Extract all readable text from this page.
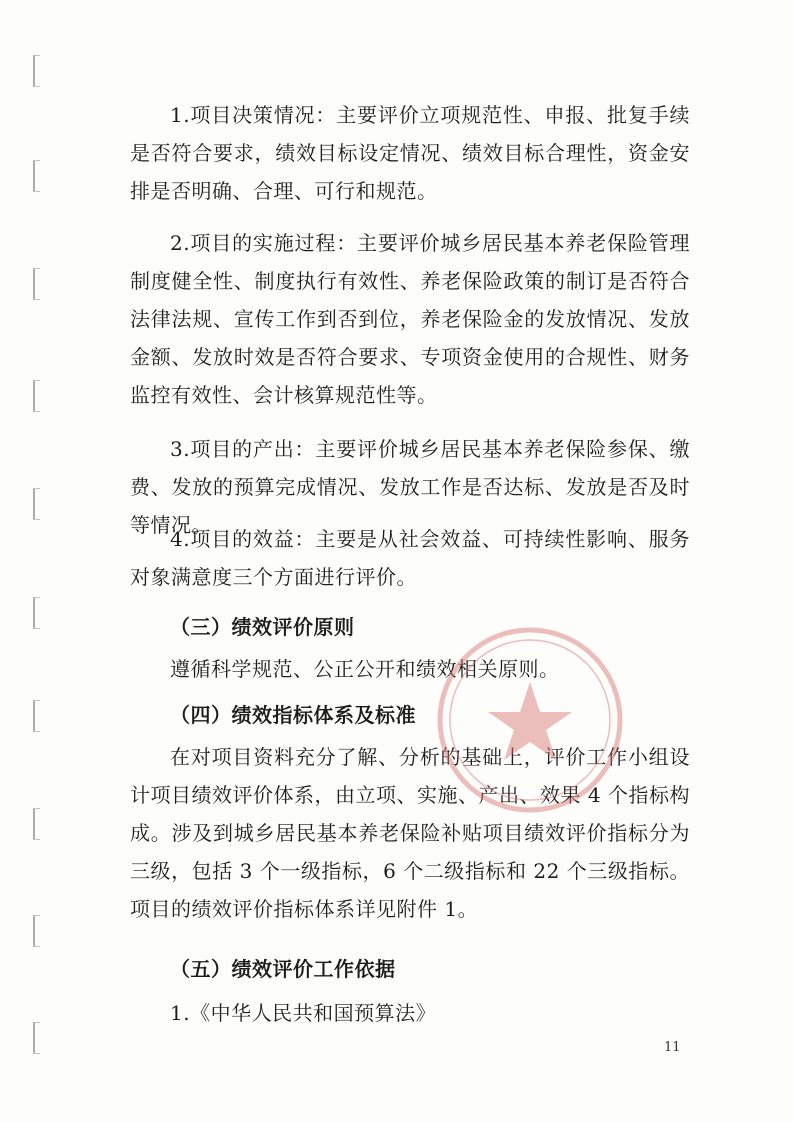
1.项目决策情况：主要评价立项规范性、申报、批复手续是否符合要求，绩效目标设定情况、绩效目标合理性，资金安排是否明确、合理、可行和规范。

2.项目的实施过程：主要评价城乡居民基本养老保险管理制度健全性、制度执行有效性、养老保险政策的制订是否符合法律法规、宣传工作到否到位，养老保险金的发放情况、发放金额、发放时效是否符合要求、专项资金使用的合规性、财务监控有效性、会计核算规范性等。

3.项目的产出：主要评价城乡居民基本养老保险参保、缴费、发放的预算完成情况、发放工作是否达标、发放是否及时等情况。

4.项目的效益：主要是从社会效益、可持续性影响、服务对象满意度三个方面进行评价。

（三）绩效评价原则

遵循科学规范、公正公开和绩效相关原则。

（四）绩效指标体系及标准

在对项目资料充分了解、分析的基础上，评价工作小组设计项目绩效评价体系，由立项、实施、产出、效果 4 个指标构成。涉及到城乡居民基本养老保险补贴项目绩效评价指标分为三级，包括 3 个一级指标，6 个二级指标和 22 个三级指标。项目的绩效评价指标体系详见附件 1。

（五）绩效评价工作依据

1.《中华人民共和国预算法》

11
